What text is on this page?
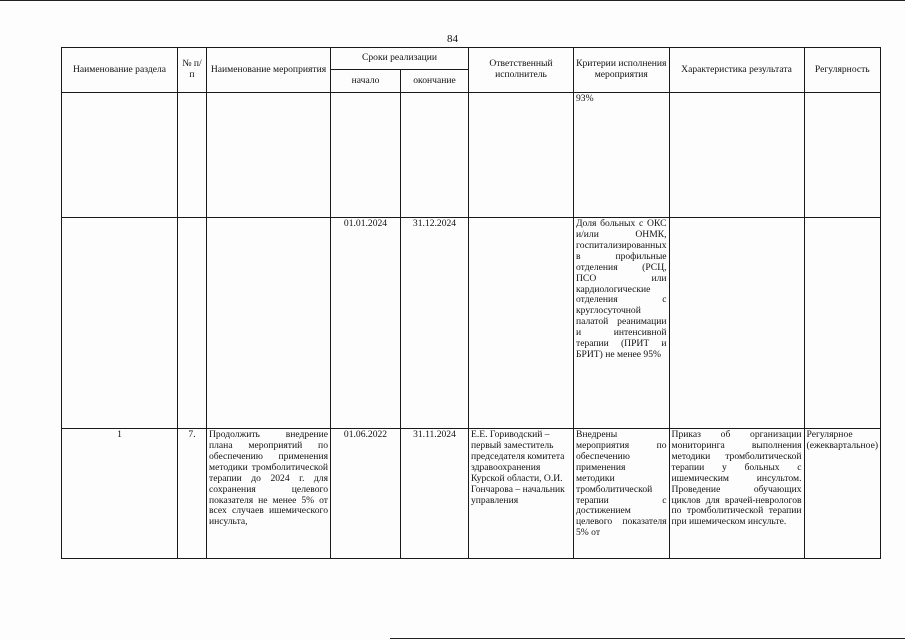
84
Наименование раздела	№ п/п	Наименование мероприятия	Сроки реализации		Ответственный исполнитель	Критерии исполнения мероприятия	Характеристика результата	Регулярность
			начало	окончание				
						93%		
			01.01.2024	31.12.2024		Доля больных с ОКС и/или ОНМК, госпитализированных в профильные отделения (РСЦ, ПСО или кардиологические отделения с круглосуточной палатой реанимации и интенсивной терапии (ПРИТ и БРИТ) не менее 95%		
1	7.	Продолжить внедрение плана мероприятий по обеспечению применения методики тромболитической терапии до 2024 г. для сохранения целевого показателя не менее 5% от всех случаев ишемического инсульта,	01.06.2022	31.11.2024	Е.Е. Гориводский – первый заместитель председателя комитета здравоохранения Курской области, О.И. Гончарова – начальник управления	Внедрены мероприятия по обеспечению применения методики тромболитической терапии с достижением целевого показателя 5% от	Приказ об организации мониторинга выполнения методики тромболитической терапии у больных с ишемическим инсультом. Проведение обучающих циклов для врачей-неврологов по тромболитической терапии при ишемическом инсульте.	Регулярное (ежеквартальное)
